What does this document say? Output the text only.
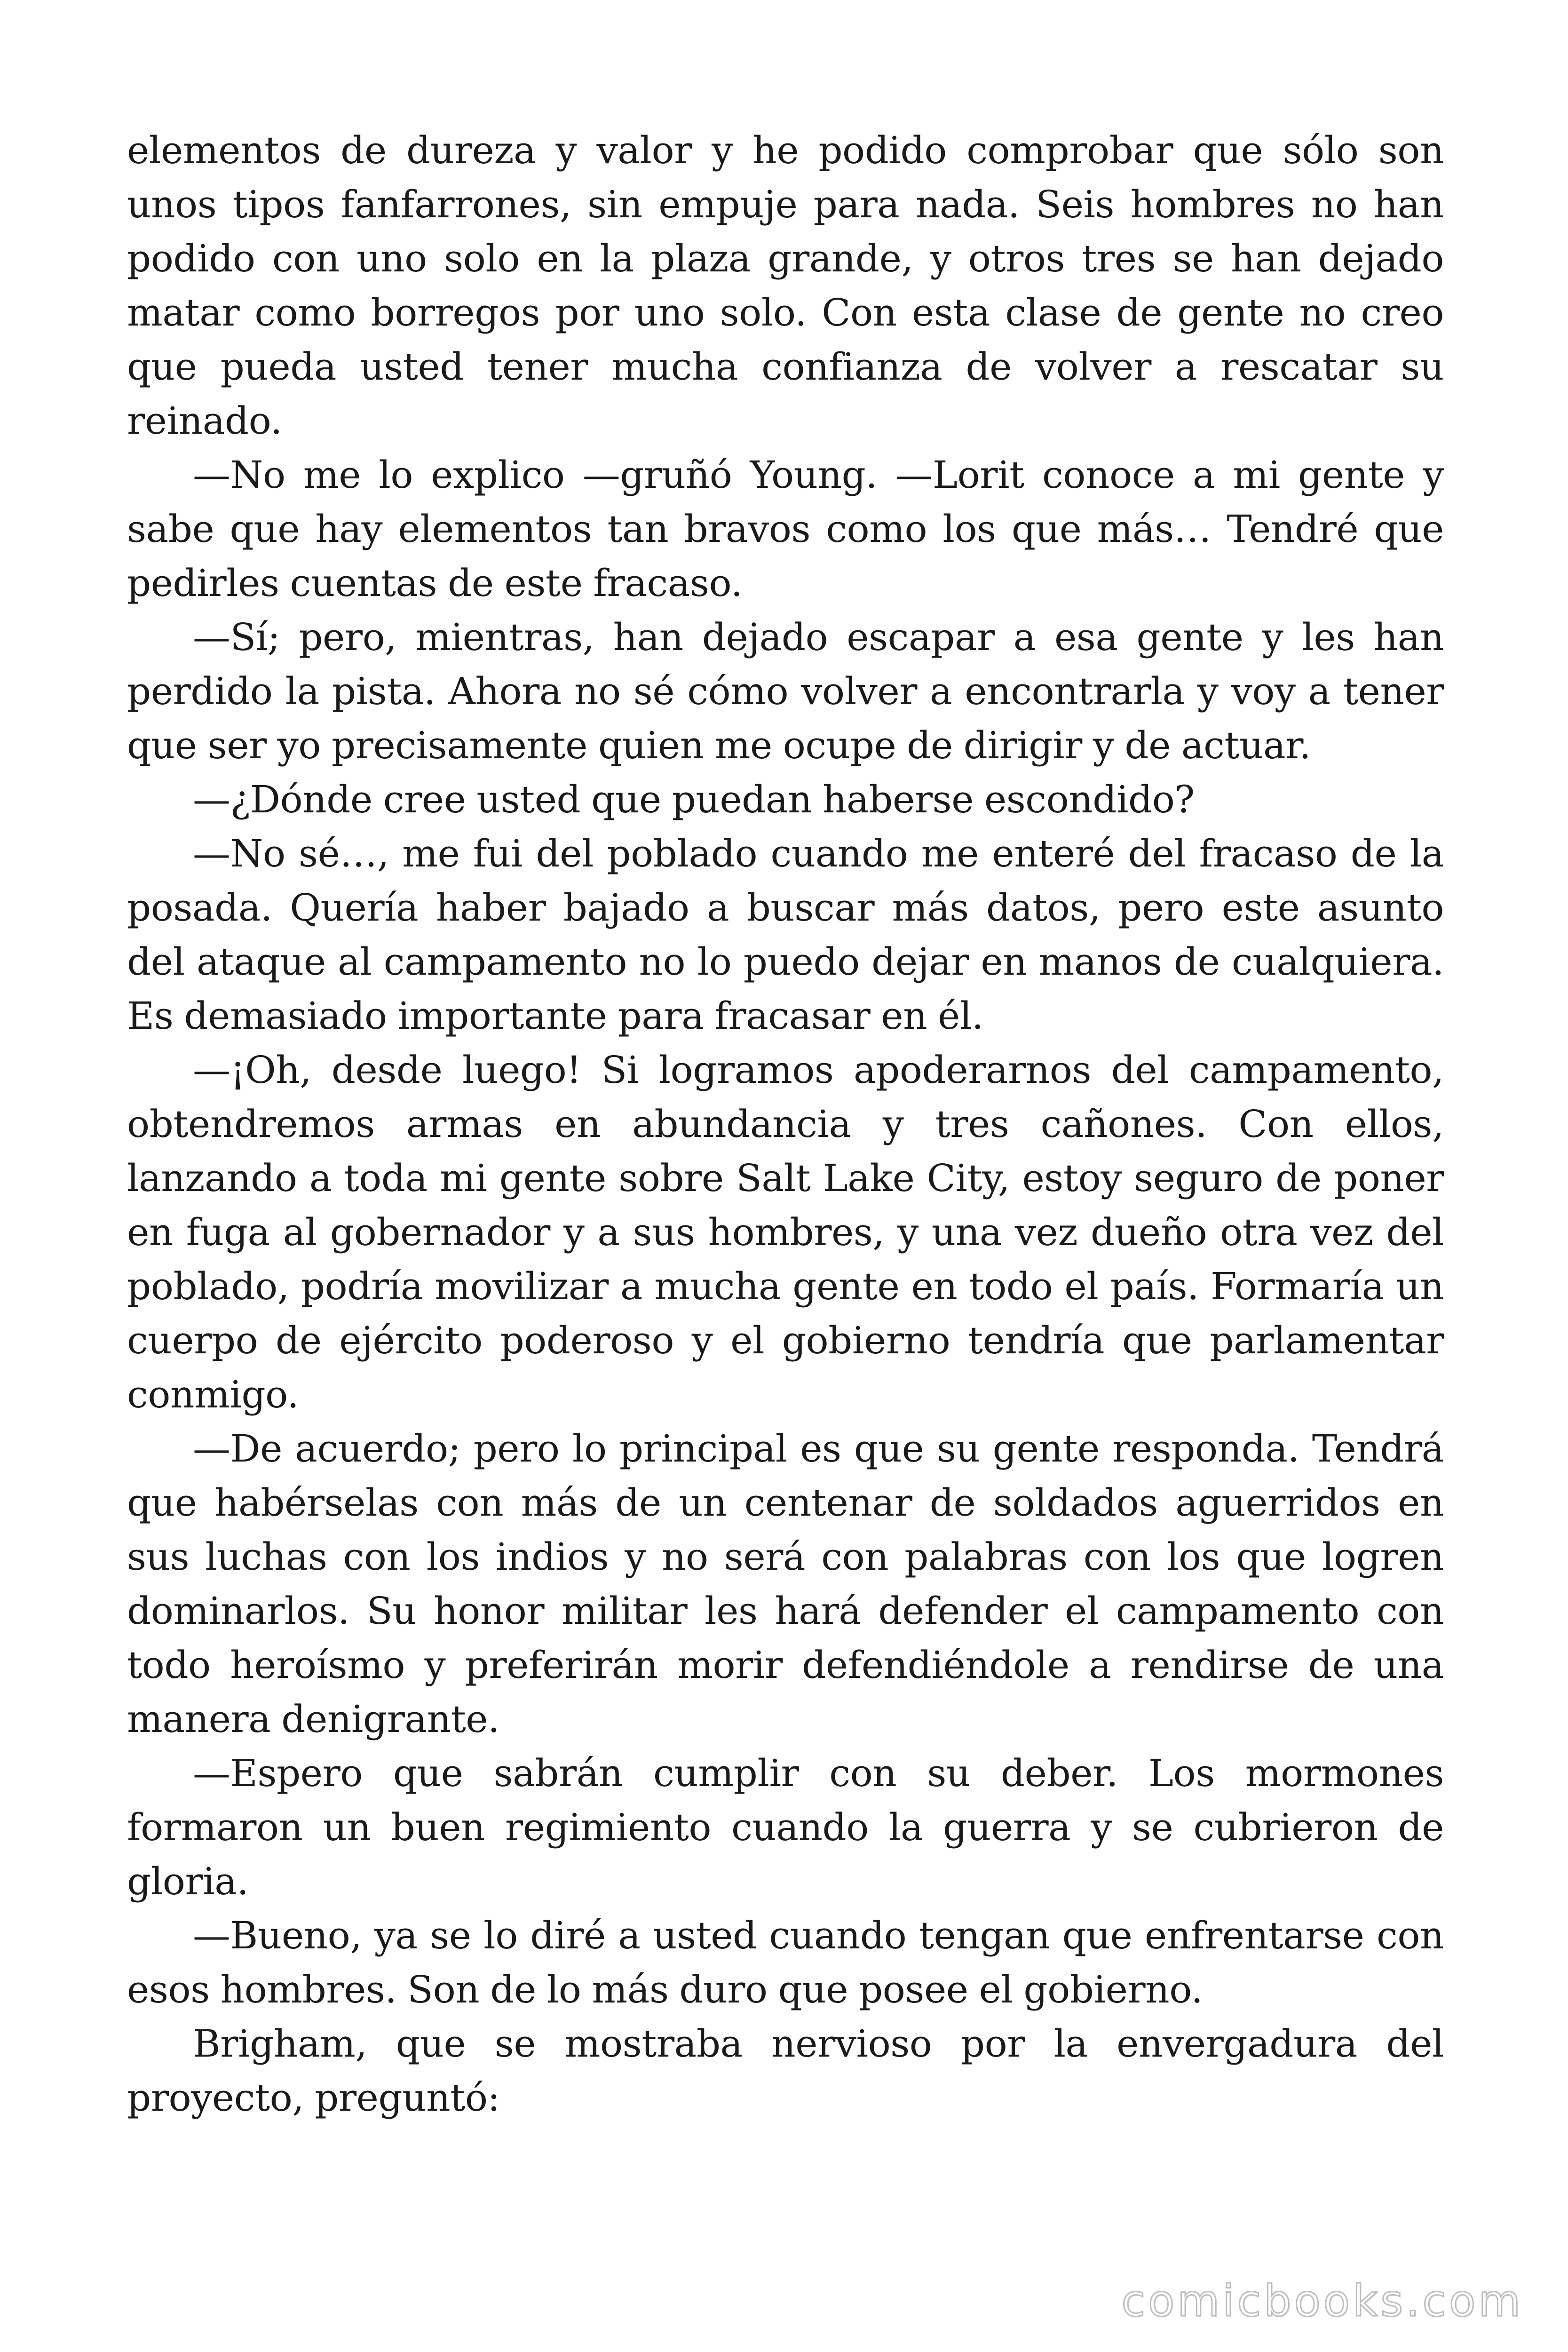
elementos de dureza y valor y he podido comprobar que sólo son unos tipos fanfarrones, sin empuje para nada. Seis hombres no han podido con uno solo en la plaza grande, y otros tres se han dejado matar como borregos por uno solo. Con esta clase de gente no creo que pueda usted tener mucha confianza de volver a rescatar su reinado.

—No me lo explico —gruñó Young. —Lorit conoce a mi gente y sabe que hay elementos tan bravos como los que más… Tendré que pedirles cuentas de este fracaso.

—Sí; pero, mientras, han dejado escapar a esa gente y les han perdido la pista. Ahora no sé cómo volver a encontrarla y voy a tener que ser yo precisamente quien me ocupe de dirigir y de actuar.

—¿Dónde cree usted que puedan haberse escondido?

—No sé…, me fui del poblado cuando me enteré del fracaso de la posada. Quería haber bajado a buscar más datos, pero este asunto del ataque al campamento no lo puedo dejar en manos de cualquiera. Es demasiado importante para fracasar en él.

—¡Oh, desde luego! Si logramos apoderarnos del campamento, obtendremos armas en abundancia y tres cañones. Con ellos, lanzando a toda mi gente sobre Salt Lake City, estoy seguro de poner en fuga al gobernador y a sus hombres, y una vez dueño otra vez del poblado, podría movilizar a mucha gente en todo el país. Formaría un cuerpo de ejército poderoso y el gobierno tendría que parlamentar conmigo.

—De acuerdo; pero lo principal es que su gente responda. Tendrá que habérselas con más de un centenar de soldados aguerridos en sus luchas con los indios y no será con palabras con los que logren dominarlos. Su honor militar les hará defender el campamento con todo heroísmo y preferirán morir defendiéndole a rendirse de una manera denigrante.

—Espero que sabrán cumplir con su deber. Los mormones formaron un buen regimiento cuando la guerra y se cubrieron de gloria.

—Bueno, ya se lo diré a usted cuando tengan que enfrentarse con esos hombres. Son de lo más duro que posee el gobierno.

Brigham, que se mostraba nervioso por la envergadura del proyecto, preguntó:

comicbooks.com
